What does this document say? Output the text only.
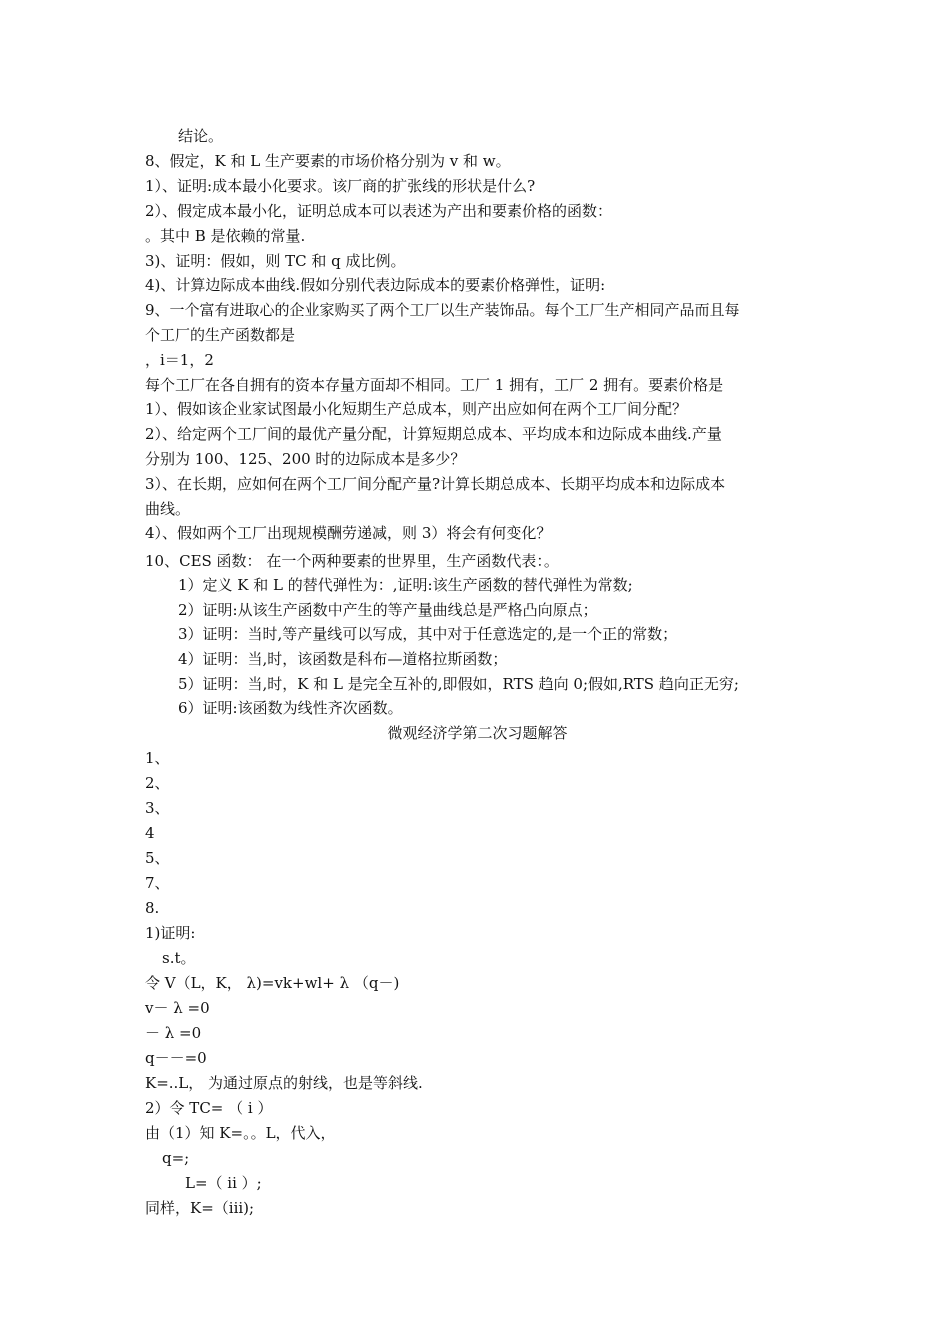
结论。
8、假定，K 和 L 生产要素的市场价格分别为 v 和 w。
1）、证明:成本最小化要求。该厂商的扩张线的形状是什么?
2）、假定成本最小化，证明总成本可以表述为产出和要素价格的函数：
。其中 B 是依赖的常量.
3)、证明：假如，则 TC 和 q 成比例。
4)、计算边际成本曲线.假如分别代表边际成本的要素价格弹性，证明:
9、一个富有进取心的企业家购买了两个工厂以生产装饰品。每个工厂生产相同产品而且每
个工厂的生产函数都是
，i＝1，2
每个工厂在各自拥有的资本存量方面却不相同。工厂 1 拥有，工厂 2 拥有。要素价格是
1）、假如该企业家试图最小化短期生产总成本，则产出应如何在两个工厂间分配？
2）、给定两个工厂间的最优产量分配，计算短期总成本、平均成本和边际成本曲线.产量
分别为 100、125、200 时的边际成本是多少？
3）、在长期，应如何在两个工厂间分配产量?计算长期总成本、长期平均成本和边际成本
曲线。
4）、假如两个工厂出现规模酬劳递减，则 3）将会有何变化？
10、CES 函数： 在一个两种要素的世界里，生产函数代表：。
1）定义 K 和 L 的替代弹性为：,证明:该生产函数的替代弹性为常数;
2）证明:从该生产函数中产生的等产量曲线总是严格凸向原点；
3）证明：当时,等产量线可以写成，其中对于任意选定的,是一个正的常数；
4）证明：当,时，该函数是科布—道格拉斯函数；
5）证明：当,时，K 和 L 是完全互补的,即假如，RTS 趋向 0;假如,RTS 趋向正无穷;
6）证明:该函数为线性齐次函数。
微观经济学第二次习题解答
1、
2、
3、
4
5、
7、
8.
1)证明:
s.t。
令 V（L，K， λ)=vk+wl+ λ （q－)
v－ λ =0
－ λ =0
q－－=0
K=..L， 为通过原点的射线，也是等斜线.
2）令 TC= （ i ）
由（1）知 K=。。L，代入，
q=;
L=（ ii ）;
同样，K=（iii);
